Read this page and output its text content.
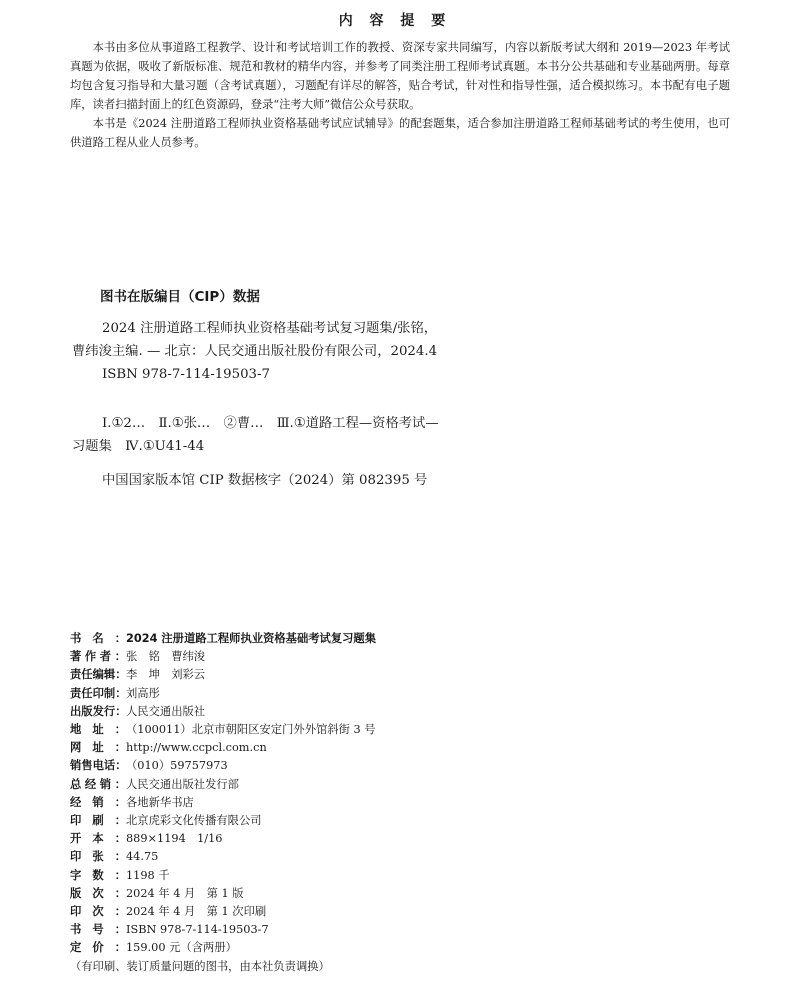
内 容 提 要

本书由多位从事道路工程教学、设计和考试培训工作的教授、资深专家共同编写，内容以新版考试大纲和 2019—2023 年考试真题为依据，吸收了新版标准、规范和教材的精华内容，并参考了同类注册工程师考试真题。本书分公共基础和专业基础两册。每章均包含复习指导和大量习题（含考试真题），习题配有详尽的解答，贴合考试，针对性和指导性强，适合模拟练习。本书配有电子题库，读者扫描封面上的红色资源码，登录“注考大师”微信公众号获取。

本书是《2024 注册道路工程师执业资格基础考试应试辅导》的配套题集，适合参加注册道路工程师基础考试的考生使用，也可供道路工程从业人员参考。

图书在版编目（CIP）数据

2024 注册道路工程师执业资格基础考试复习题集/张铭，曹纬浚主编. — 北京：人民交通出版社股份有限公司，2024.4

ISBN 978-7-114-19503-7

Ⅰ.①2…　Ⅱ.①张…　②曹…　Ⅲ.①道路工程—资格考试—习题集　Ⅳ.①U41-44

中国国家版本馆 CIP 数据核字（2024）第 082395 号

书名：2024 注册道路工程师执业资格基础考试复习题集
著作者：张　铭　曹纬浚
责任编辑：李　坤　刘彩云
责任印制：刘高彤
出版发行：人民交通出版社
地址：（100011）北京市朝阳区安定门外外馆斜街 3 号
网址：http://www.ccpcl.com.cn
销售电话：（010）59757973
总经销：人民交通出版社发行部
经销：各地新华书店
印刷：北京虎彩文化传播有限公司
开本：889×1194　1/16
印张：44.75
字数：1198 千
版次：2024 年 4 月　第 1 版
印次：2024 年 4 月　第 1 次印刷
书号：ISBN 978-7-114-19503-7
定价：159.00 元（含两册）
（有印刷、装订质量问题的图书，由本社负责调换）
